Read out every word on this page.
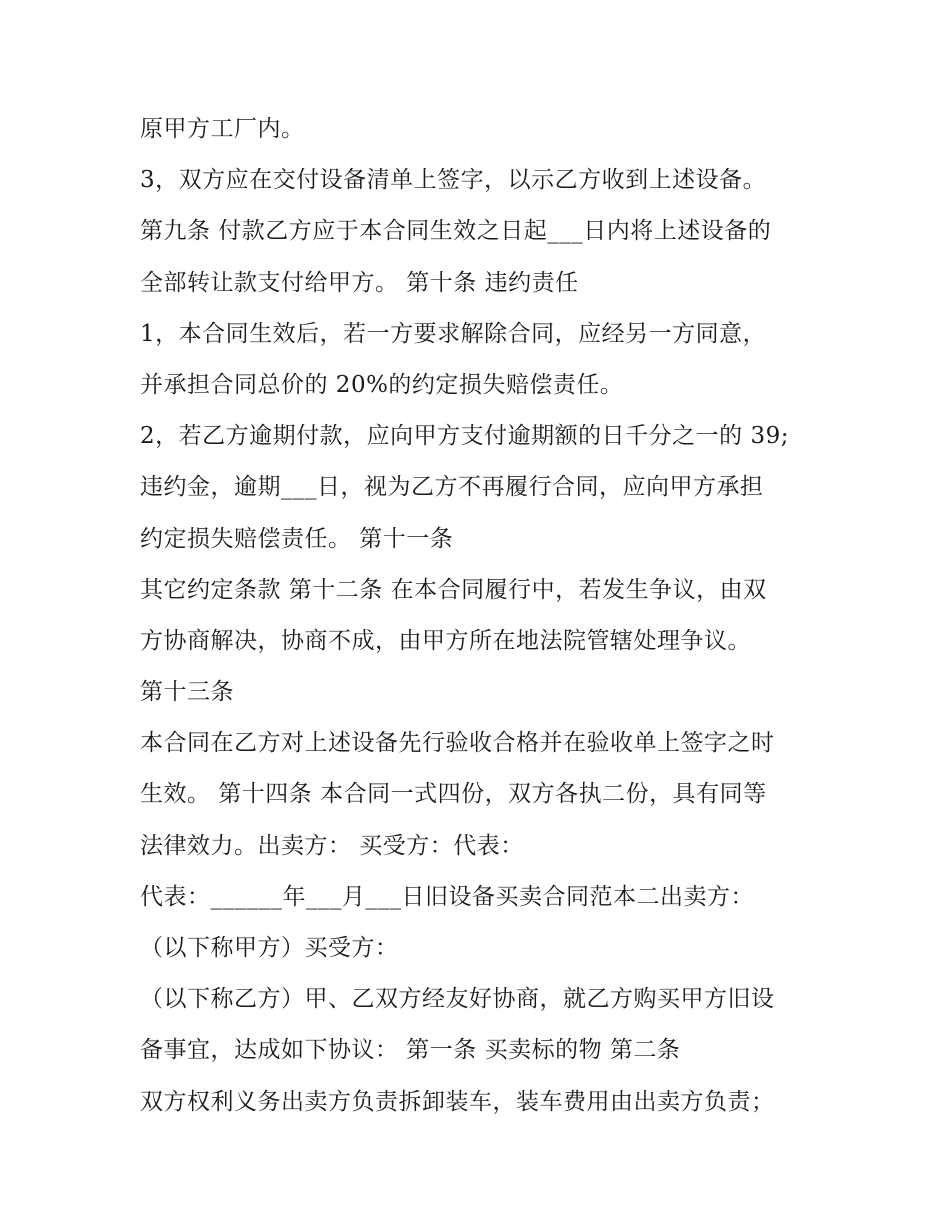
原甲方工厂内。
3，双方应在交付设备清单上签字，以示乙方收到上述设备。
第九条 付款乙方应于本合同生效之日起___日内将上述设备的
全部转让款支付给甲方。 第十条 违约责任
1，本合同生效后，若一方要求解除合同，应经另一方同意，
并承担合同总价的 20%的约定损失赔偿责任。
2，若乙方逾期付款，应向甲方支付逾期额的日千分之一的 39;
违约金，逾期___日，视为乙方不再履行合同，应向甲方承担
约定损失赔偿责任。 第十一条
其它约定条款 第十二条 在本合同履行中，若发生争议，由双
方协商解决，协商不成，由甲方所在地法院管辖处理争议。
第十三条
本合同在乙方对上述设备先行验收合格并在验收单上签字之时
生效。 第十四条 本合同一式四份，双方各执二份，具有同等
法律效力。出卖方： 买受方：代表：
代表：______年___月___日旧设备买卖合同范本二出卖方：
（以下称甲方）买受方：
（以下称乙方）甲、乙双方经友好协商，就乙方购买甲方旧设
备事宜，达成如下协议： 第一条 买卖标的物 第二条
双方权利义务出卖方负责拆卸装车，装车费用由出卖方负责；
